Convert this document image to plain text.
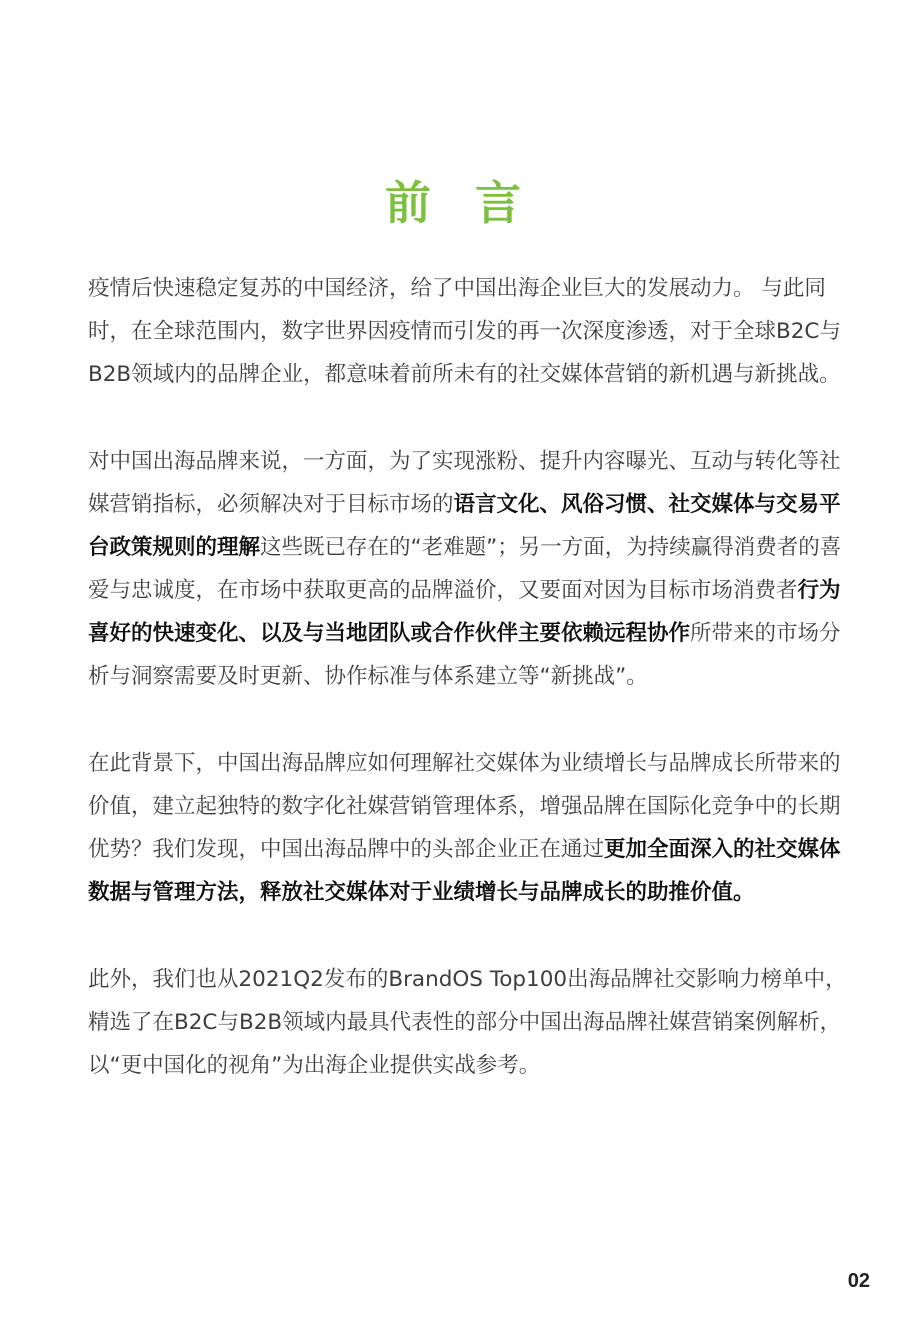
前 言

疫情后快速稳定复苏的中国经济，给了中国出海企业巨大的发展动力。 与此同时，在全球范围内，数字世界因疫情而引发的再一次深度渗透，对于全球B2C与B2B领域内的品牌企业，都意味着前所未有的社交媒体营销的新机遇与新挑战。

对中国出海品牌来说，一方面，为了实现涨粉、提升内容曝光、互动与转化等社媒营销指标，必须解决对于目标市场的语言文化、风俗习惯、社交媒体与交易平台政策规则的理解这些既已存在的“老难题”；另一方面，为持续赢得消费者的喜爱与忠诚度，在市场中获取更高的品牌溢价，又要面对因为目标市场消费者行为喜好的快速变化、以及与当地团队或合作伙伴主要依赖远程协作所带来的市场分析与洞察需要及时更新、协作标准与体系建立等“新挑战”。

在此背景下，中国出海品牌应如何理解社交媒体为业绩增长与品牌成长所带来的价值，建立起独特的数字化社媒营销管理体系，增强品牌在国际化竞争中的长期优势？我们发现，中国出海品牌中的头部企业正在通过更加全面深入的社交媒体数据与管理方法，释放社交媒体对于业绩增长与品牌成长的助推价值。

此外，我们也从2021Q2发布的BrandOS Top100出海品牌社交影响力榜单中，精选了在B2C与B2B领域内最具代表性的部分中国出海品牌社媒营销案例解析，以“更中国化的视角”为出海企业提供实战参考。

02
